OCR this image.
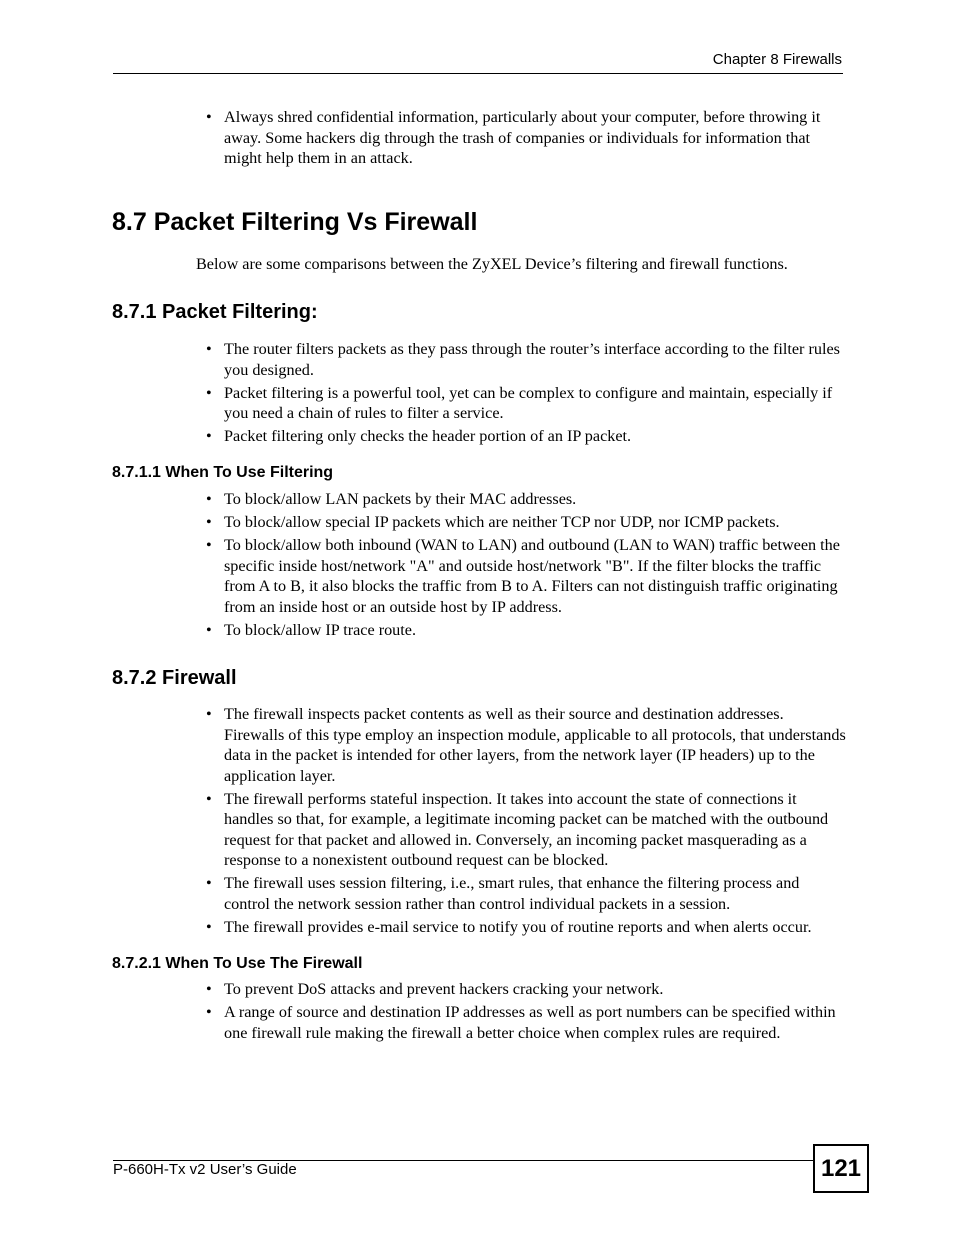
Chapter 8 Firewalls
• Always shred confidential information, particularly about your computer, before throwing it away. Some hackers dig through the trash of companies or individuals for information that might help them in an attack.
8.7 Packet Filtering Vs Firewall

Below are some comparisons between the ZyXEL Device’s filtering and firewall functions.

8.7.1 Packet Filtering:
• The router filters packets as they pass through the router’s interface according to the filter rules you designed.
• Packet filtering is a powerful tool, yet can be complex to configure and maintain, especially if you need a chain of rules to filter a service.
• Packet filtering only checks the header portion of an IP packet.
8.7.1.1 When To Use Filtering
• To block/allow LAN packets by their MAC addresses.
• To block/allow special IP packets which are neither TCP nor UDP, nor ICMP packets.
• To block/allow both inbound (WAN to LAN) and outbound (LAN to WAN) traffic between the specific inside host/network "A" and outside host/network "B". If the filter blocks the traffic from A to B, it also blocks the traffic from B to A. Filters can not distinguish traffic originating from an inside host or an outside host by IP address.
• To block/allow IP trace route.
8.7.2 Firewall
• The firewall inspects packet contents as well as their source and destination addresses. Firewalls of this type employ an inspection module, applicable to all protocols, that understands data in the packet is intended for other layers, from the network layer (IP headers) up to the application layer.
• The firewall performs stateful inspection. It takes into account the state of connections it handles so that, for example, a legitimate incoming packet can be matched with the outbound request for that packet and allowed in. Conversely, an incoming packet masquerading as a response to a nonexistent outbound request can be blocked.
• The firewall uses session filtering, i.e., smart rules, that enhance the filtering process and control the network session rather than control individual packets in a session.
• The firewall provides e-mail service to notify you of routine reports and when alerts occur.
8.7.2.1 When To Use The Firewall
• To prevent DoS attacks and prevent hackers cracking your network.
• A range of source and destination IP addresses as well as port numbers can be specified within one firewall rule making the firewall a better choice when complex rules are required.
P-660H-Tx v2 User’s Guide	121
